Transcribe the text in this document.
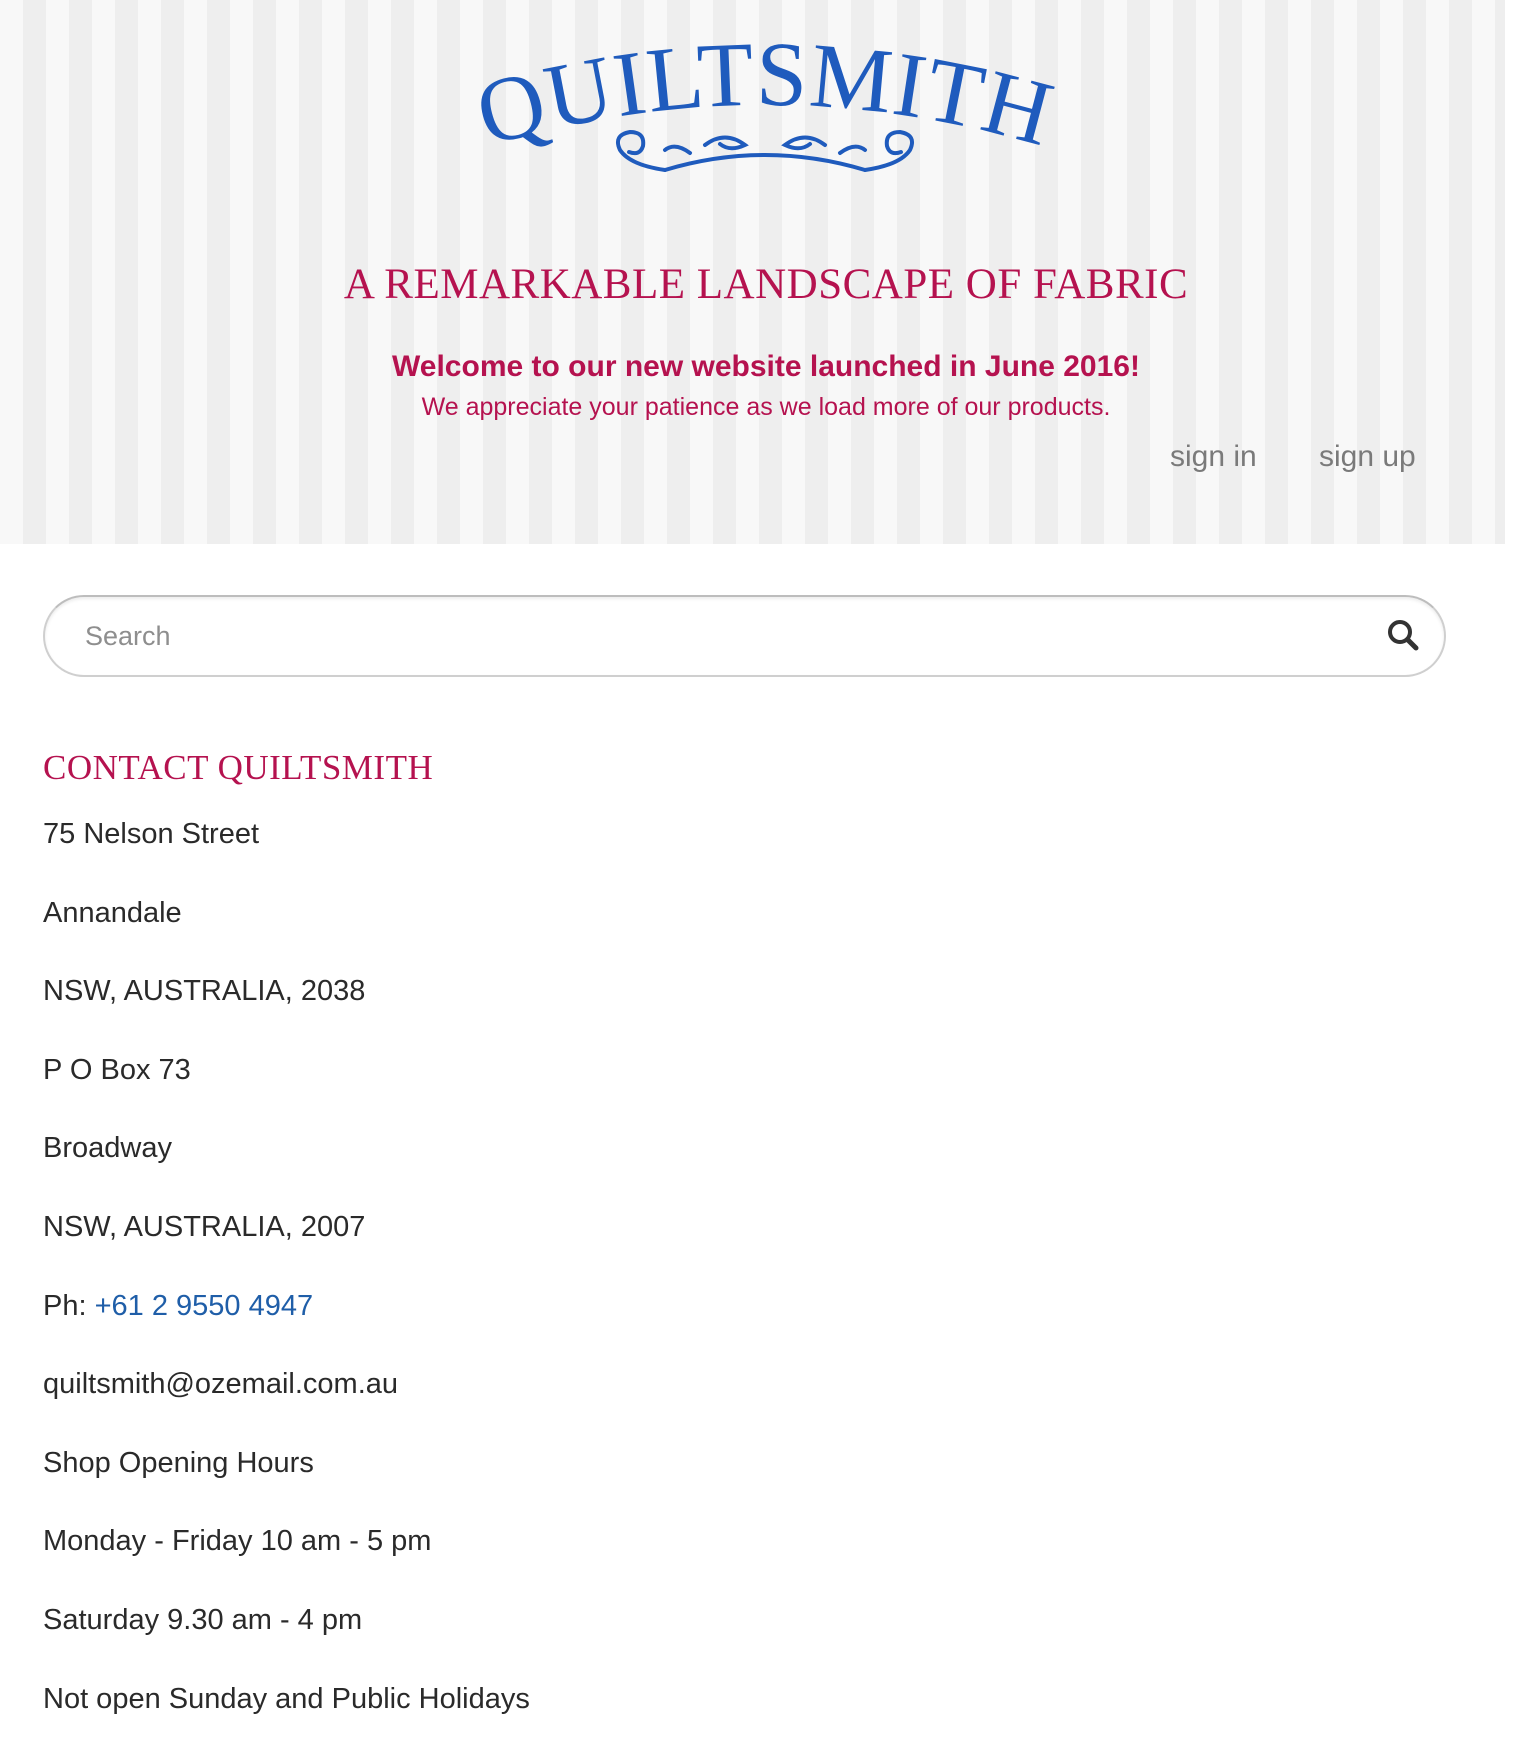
QUILTSMITH
A REMARKABLE LANDSCAPE OF FABRIC
Welcome to our new website launched in June 2016!
We appreciate your patience as we load more of our products.
sign in sign up
Search
CONTACT QUILTSMITH
75 Nelson Street
Annandale
NSW, AUSTRALIA, 2038
P O Box 73
Broadway
NSW, AUSTRALIA, 2007
Ph: +61 2 9550 4947
quiltsmith@ozemail.com.au
Shop Opening Hours
Monday - Friday 10 am - 5 pm
Saturday 9.30 am - 4 pm
Not open Sunday and Public Holidays
